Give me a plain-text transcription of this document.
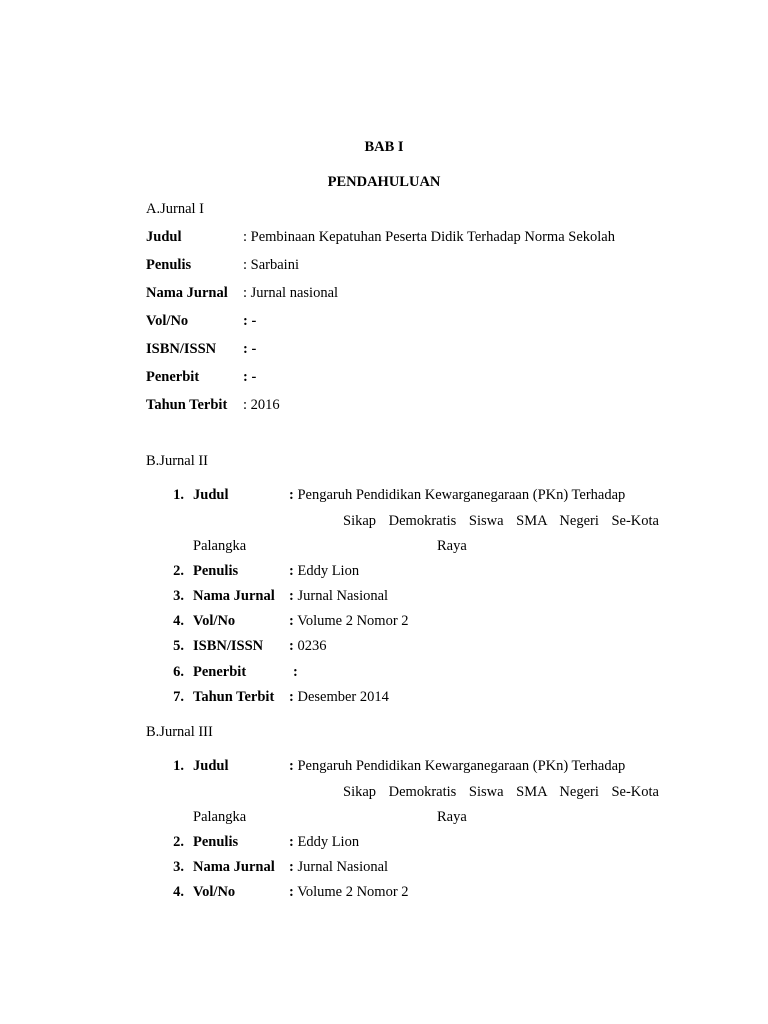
BAB I
PENDAHULUAN
A.Jurnal I
Judul	: Pembinaan Kepatuhan Peserta Didik Terhadap Norma Sekolah
Penulis	: Sarbaini
Nama Jurnal : Jurnal nasional
Vol/No	: -
ISBN/ISSN : -
Penerbit	: -
Tahun Terbit : 2016
B.Jurnal II
1. Judul	: Pengaruh Pendidikan Kewarganegaraan (PKn) Terhadap
Sikap Demokratis Siswa SMA Negeri Se-Kota
Palangka	Raya
2. Penulis	: Eddy Lion
3. Nama Jurnal : Jurnal Nasional
4. Vol/No	: Volume 2 Nomor 2
5. ISBN/ISSN : 0236
6. Penerbit	:
7. Tahun Terbit : Desember 2014
B.Jurnal III
1. Judul	: Pengaruh Pendidikan Kewarganegaraan (PKn) Terhadap
Sikap Demokratis Siswa SMA Negeri Se-Kota
Palangka	Raya
2. Penulis	: Eddy Lion
3. Nama Jurnal : Jurnal Nasional
4. Vol/No	: Volume 2 Nomor 2
